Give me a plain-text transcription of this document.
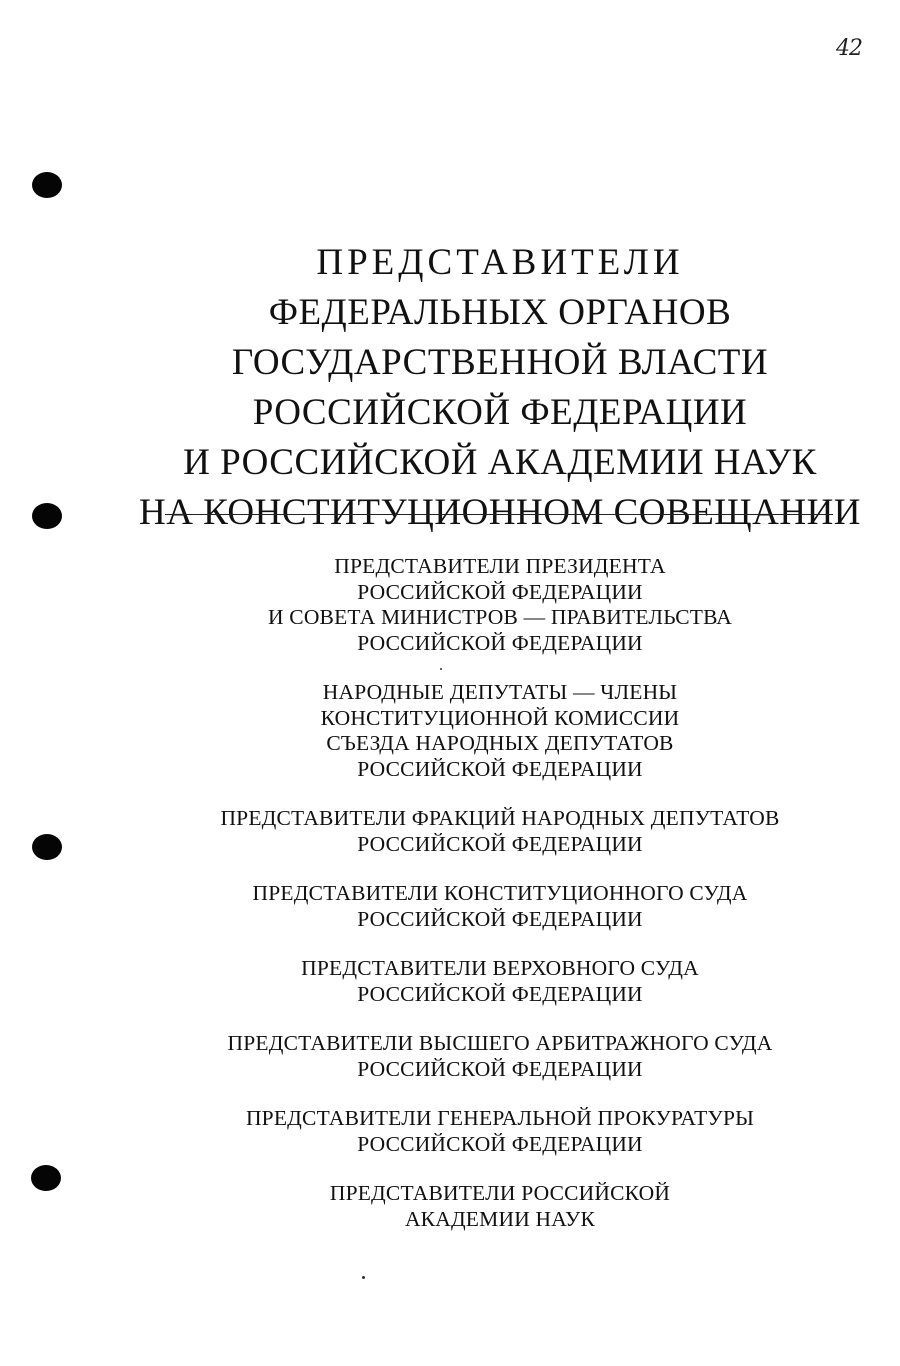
42
ПРЕДСТАВИТЕЛИ
ФЕДЕРАЛЬНЫХ ОРГАНОВ
ГОСУДАРСТВЕННОЙ ВЛАСТИ
РОССИЙСКОЙ ФЕДЕРАЦИИ
И РОССИЙСКОЙ АКАДЕМИИ НАУК
НА КОНСТИТУЦИОННОМ СОВЕЩАНИИ
ПРЕДСТАВИТЕЛИ ПРЕЗИДЕНТА
РОССИЙСКОЙ ФЕДЕРАЦИИ
И СОВЕТА МИНИСТРОВ — ПРАВИТЕЛЬСТВА
РОССИЙСКОЙ ФЕДЕРАЦИИ
НАРОДНЫЕ ДЕПУТАТЫ — ЧЛЕНЫ
КОНСТИТУЦИОННОЙ КОМИССИИ
СЪЕЗДА НАРОДНЫХ ДЕПУТАТОВ
РОССИЙСКОЙ ФЕДЕРАЦИИ
ПРЕДСТАВИТЕЛИ ФРАКЦИЙ НАРОДНЫХ ДЕПУТАТОВ
РОССИЙСКОЙ ФЕДЕРАЦИИ
ПРЕДСТАВИТЕЛИ КОНСТИТУЦИОННОГО СУДА
РОССИЙСКОЙ ФЕДЕРАЦИИ
ПРЕДСТАВИТЕЛИ ВЕРХОВНОГО СУДА
РОССИЙСКОЙ ФЕДЕРАЦИИ
ПРЕДСТАВИТЕЛИ ВЫСШЕГО АРБИТРАЖНОГО СУДА
РОССИЙСКОЙ ФЕДЕРАЦИИ
ПРЕДСТАВИТЕЛИ ГЕНЕРАЛЬНОЙ ПРОКУРАТУРЫ
РОССИЙСКОЙ ФЕДЕРАЦИИ
ПРЕДСТАВИТЕЛИ РОССИЙСКОЙ
АКАДЕМИИ НАУК
